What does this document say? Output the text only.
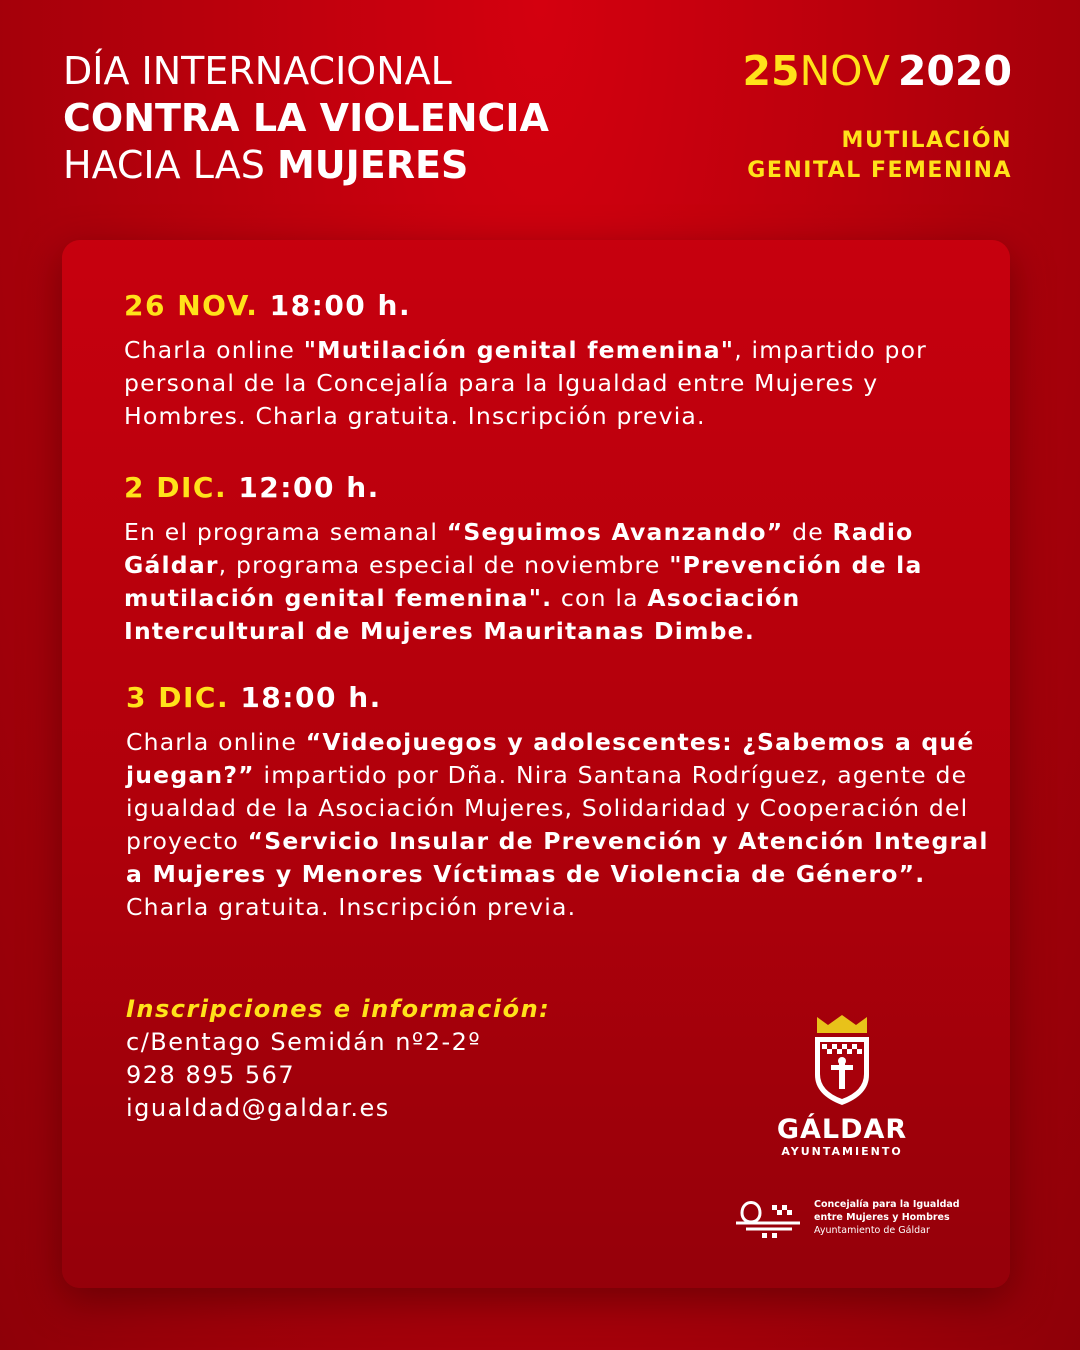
DÍA INTERNACIONAL
CONTRA LA VIOLENCIA
HACIA LAS MUJERES
25NOV 2020
MUTILACIÓN
GENITAL FEMENINA
26 NOV. 18:00 h.
Charla online "Mutilación genital femenina", impartido por personal de la Concejalía para la Igualdad entre Mujeres y Hombres. Charla gratuita. Inscripción previa.
2 DIC. 12:00 h.
En el programa semanal “Seguimos Avanzando” de Radio Gáldar, programa especial de noviembre "Prevención de la mutilación genital femenina". con la Asociación Intercultural de Mujeres Mauritanas Dimbe.
3 DIC. 18:00 h.
Charla online “Videojuegos y adolescentes: ¿Sabemos a qué juegan?” impartido por Dña. Nira Santana Rodríguez, agente de igualdad de la Asociación Mujeres, Solidaridad y Cooperación del proyecto “Servicio Insular de Prevención y Atención Integral a Mujeres y Menores Víctimas de Violencia de Género”. Charla gratuita. Inscripción previa.
Inscripciones e información:
c/Bentago Semidán nº2-2º
928 895 567
igualdad@galdar.es
GÁLDAR
AYUNTAMIENTO
Concejalía para la Igualdad
entre Mujeres y Hombres
Ayuntamiento de Gáldar
